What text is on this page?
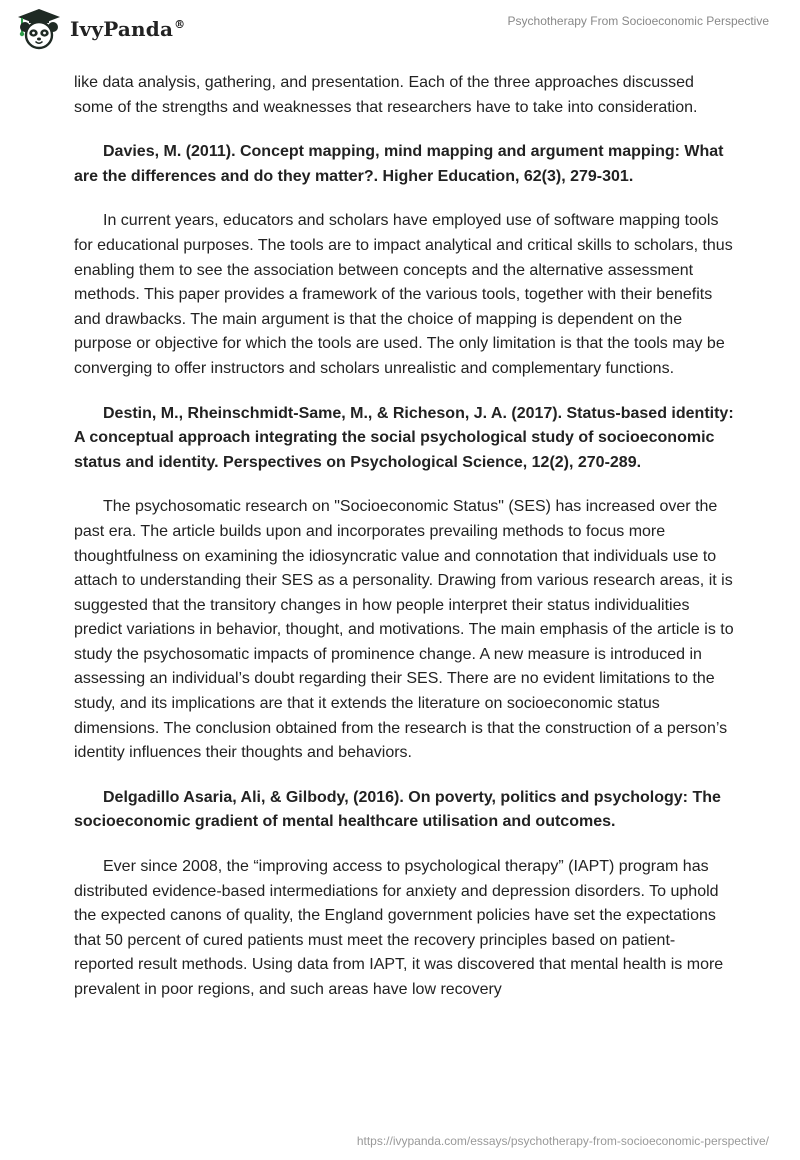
IvyPanda®	Psychotherapy From Socioeconomic Perspective

like data analysis, gathering, and presentation. Each of the three approaches discussed some of the strengths and weaknesses that researchers have to take into consideration.

Davies, M. (2011). Concept mapping, mind mapping and argument mapping: What are the differences and do they matter?. Higher Education, 62(3), 279-301.

In current years, educators and scholars have employed use of software mapping tools for educational purposes. The tools are to impact analytical and critical skills to scholars, thus enabling them to see the association between concepts and the alternative assessment methods. This paper provides a framework of the various tools, together with their benefits and drawbacks. The main argument is that the choice of mapping is dependent on the purpose or objective for which the tools are used. The only limitation is that the tools may be converging to offer instructors and scholars unrealistic and complementary functions.

Destin, M., Rheinschmidt-Same, M., & Richeson, J. A. (2017). Status-based identity: A conceptual approach integrating the social psychological study of socioeconomic status and identity. Perspectives on Psychological Science, 12(2), 270-289.

The psychosomatic research on "Socioeconomic Status" (SES) has increased over the past era. The article builds upon and incorporates prevailing methods to focus more thoughtfulness on examining the idiosyncratic value and connotation that individuals use to attach to understanding their SES as a personality. Drawing from various research areas, it is suggested that the transitory changes in how people interpret their status individualities predict variations in behavior, thought, and motivations. The main emphasis of the article is to study the psychosomatic impacts of prominence change. A new measure is introduced in assessing an individual’s doubt regarding their SES. There are no evident limitations to the study, and its implications are that it extends the literature on socioeconomic status dimensions. The conclusion obtained from the research is that the construction of a person’s identity influences their thoughts and behaviors.

Delgadillo Asaria, Ali, & Gilbody, (2016). On poverty, politics and psychology: The socioeconomic gradient of mental healthcare utilisation and outcomes.

Ever since 2008, the “improving access to psychological therapy” (IAPT) program has distributed evidence-based intermediations for anxiety and depression disorders. To uphold the expected canons of quality, the England government policies have set the expectations that 50 percent of cured patients must meet the recovery principles based on patient-reported result methods. Using data from IAPT, it was discovered that mental health is more prevalent in poor regions, and such areas have low recovery

https://ivypanda.com/essays/psychotherapy-from-socioeconomic-perspective/
